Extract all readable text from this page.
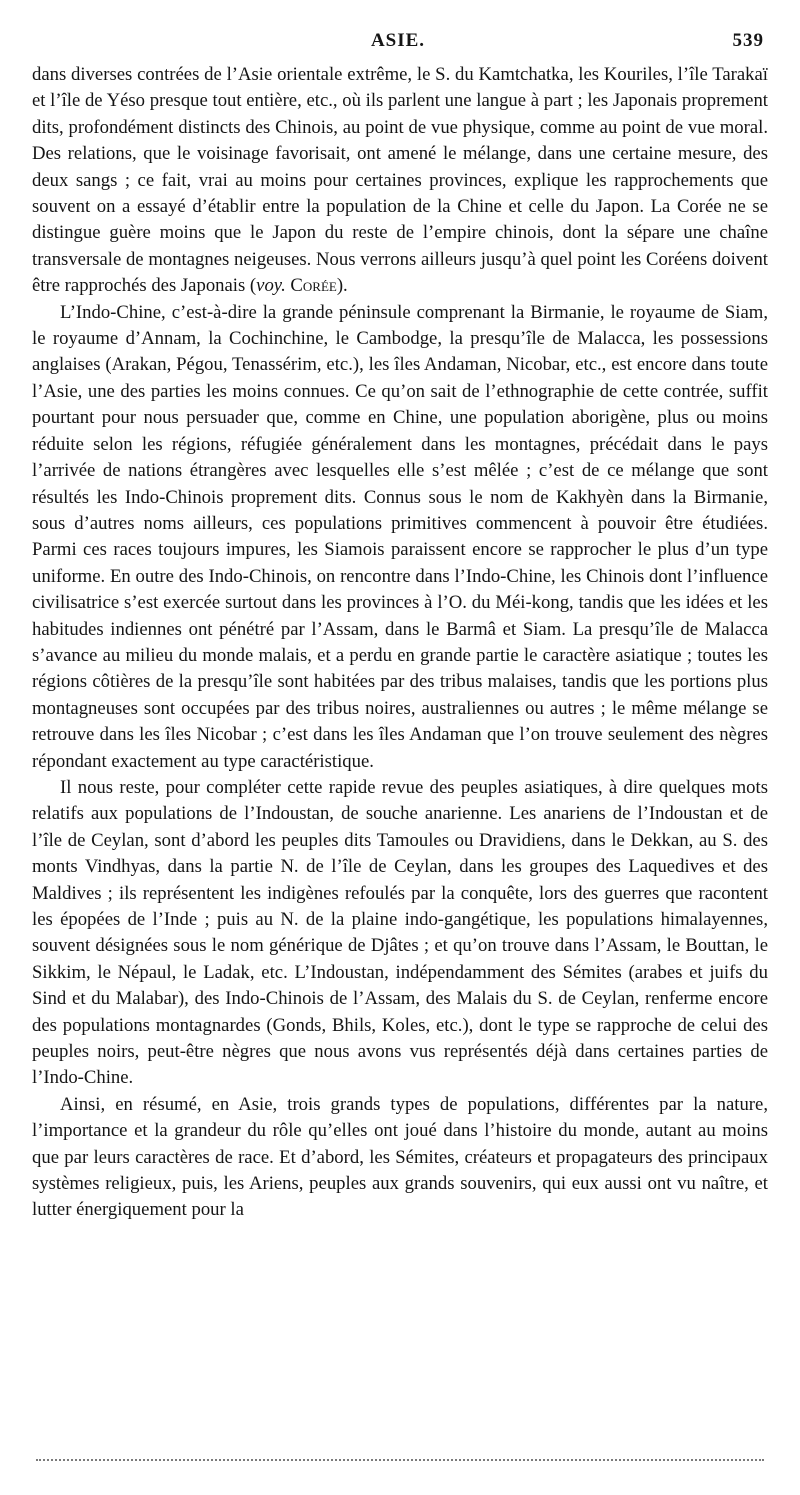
ASIE.	539

dans diverses contrées de l’Asie orientale extrême, le S. du Kamtchatka, les Kouriles, l’île Tarakaï et l’île de Yéso presque tout entière, etc., où ils parlent une langue à part ; les Japonais proprement dits, profondément distincts des Chinois, au point de vue physique, comme au point de vue moral. Des relations, que le voisinage favorisait, ont amené le mélange, dans une certaine mesure, des deux sangs ; ce fait, vrai au moins pour certaines provinces, explique les rapprochements que souvent on a essayé d’établir entre la population de la Chine et celle du Japon. La Corée ne se distingue guère moins que le Japon du reste de l’empire chinois, dont la sépare une chaîne transversale de montagnes neigeuses. Nous verrons ailleurs jusqu’à quel point les Coréens doivent être rapprochés des Japonais (voy. Corée).

L’Indo-Chine, c’est-à-dire la grande péninsule comprenant la Birmanie, le royaume de Siam, le royaume d’Annam, la Cochinchine, le Cambodge, la presqu’île de Malacca, les possessions anglaises (Arakan, Pégou, Tenassérim, etc.), les îles Andaman, Nicobar, etc., est encore dans toute l’Asie, une des parties les moins connues. Ce qu’on sait de l’ethnographie de cette contrée, suffit pourtant pour nous persuader que, comme en Chine, une population aborigène, plus ou moins réduite selon les régions, réfugiée généralement dans les montagnes, précédait dans le pays l’arrivée de nations étrangères avec lesquelles elle s’est mêlée ; c’est de ce mélange que sont résultés les Indo-Chinois proprement dits. Connus sous le nom de Kakhyèn dans la Birmanie, sous d’autres noms ailleurs, ces populations primitives commencent à pouvoir être étudiées. Parmi ces races toujours impures, les Siamois paraissent encore se rapprocher le plus d’un type uniforme. En outre des Indo-Chinois, on rencontre dans l’Indo-Chine, les Chinois dont l’influence civilisatrice s’est exercée surtout dans les provinces à l’O. du Méi-kong, tandis que les idées et les habitudes indiennes ont pénétré par l’Assam, dans le Barmâ et Siam. La presqu’île de Malacca s’avance au milieu du monde malais, et a perdu en grande partie le caractère asiatique ; toutes les régions côtières de la presqu’île sont habitées par des tribus malaises, tandis que les portions plus montagneuses sont occupées par des tribus noires, australiennes ou autres ; le même mélange se retrouve dans les îles Nicobar ; c’est dans les îles Andaman que l’on trouve seulement des nègres répondant exactement au type caractéristique.

Il nous reste, pour compléter cette rapide revue des peuples asiatiques, à dire quelques mots relatifs aux populations de l’Indoustan, de souche anarienne. Les anariens de l’Indoustan et de l’île de Ceylan, sont d’abord les peuples dits Tamoules ou Dravidiens, dans le Dekkan, au S. des monts Vindhyas, dans la partie N. de l’île de Ceylan, dans les groupes des Laquedives et des Maldives ; ils représentent les indigènes refoulés par la conquête, lors des guerres que racontent les épopées de l’Inde ; puis au N. de la plaine indo-gangétique, les populations himalayennes, souvent désignées sous le nom générique de Djâtes ; et qu’on trouve dans l’Assam, le Bouttan, le Sikkim, le Népaul, le Ladak, etc. L’Indoustan, indépendamment des Sémites (arabes et juifs du Sind et du Malabar), des Indo-Chinois de l’Assam, des Malais du S. de Ceylan, renferme encore des populations montagnardes (Gonds, Bhils, Koles, etc.), dont le type se rapproche de celui des peuples noirs, peut-être nègres que nous avons vus représentés déjà dans certaines parties de l’Indo-Chine.

Ainsi, en résumé, en Asie, trois grands types de populations, différentes par la nature, l’importance et la grandeur du rôle qu’elles ont joué dans l’histoire du monde, autant au moins que par leurs caractères de race. Et d’abord, les Sémites, créateurs et propagateurs des principaux systèmes religieux, puis, les Ariens, peuples aux grands souvenirs, qui eux aussi ont vu naître, et lutter énergiquement pour la
